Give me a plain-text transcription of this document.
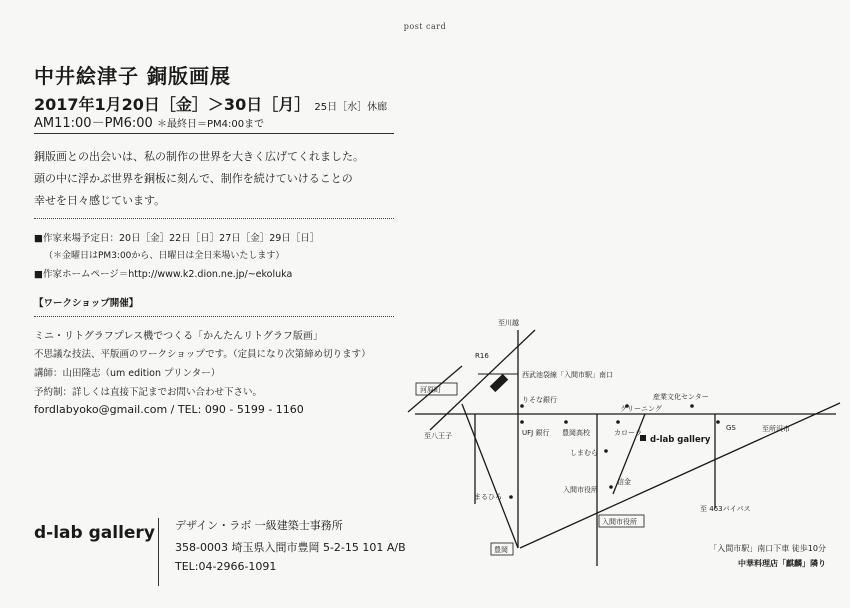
post card
中井絵津子 銅版画展
2017年1月20日［金］＞30日［月］ 25日［水］休廊
AM11:00－PM6:00 ＊最終日＝PM4:00まで
銅版画との出会いは、私の制作の世界を大きく広げてくれました。
頭の中に浮かぶ世界を銅板に刻んで、制作を続けていけることの
幸せを日々感じています。
■作家来場予定日：20日［金］22日［日］27日［金］29日［日］
（＊金曜日はPM3:00から、日曜日は全日来場いたします）
■作家ホームページ＝http://www.k2.dion.ne.jp/~ekoluka
【ワークショップ開催】
ミニ・リトグラフプレス機でつくる「かんたんリトグラフ版画」
不思議な技法、平版画のワークショップです。（定員になり次第締め切ります）
講師：山田隆志（um edition プリンター）
予約制：詳しくは直接下記までお問い合わせ下さい。
fordlabyoko@gmail.com / TEL: 090 - 5199 - 1160
d-lab gallery デザイン・ラボ 一級建築士事務所
358-0003 埼玉県入間市豊岡 5-2-15 101 A/B
TEL:04-2966-1091
至川越
R16
河原町
至八王子
西武池袋線「入間市駅」南口
りそな銀行
UFJ 銀行 豊岡高校	カローラ
産業文化センター
クリーニング
d-lab gallery
GS	至所沢市
しまむら
まるひろ
入間市役所
信金
至 463バイパス
入間市役所
豊岡	「入間市駅」南口下車 徒歩10分
中華料理店「麒麟」隣り
